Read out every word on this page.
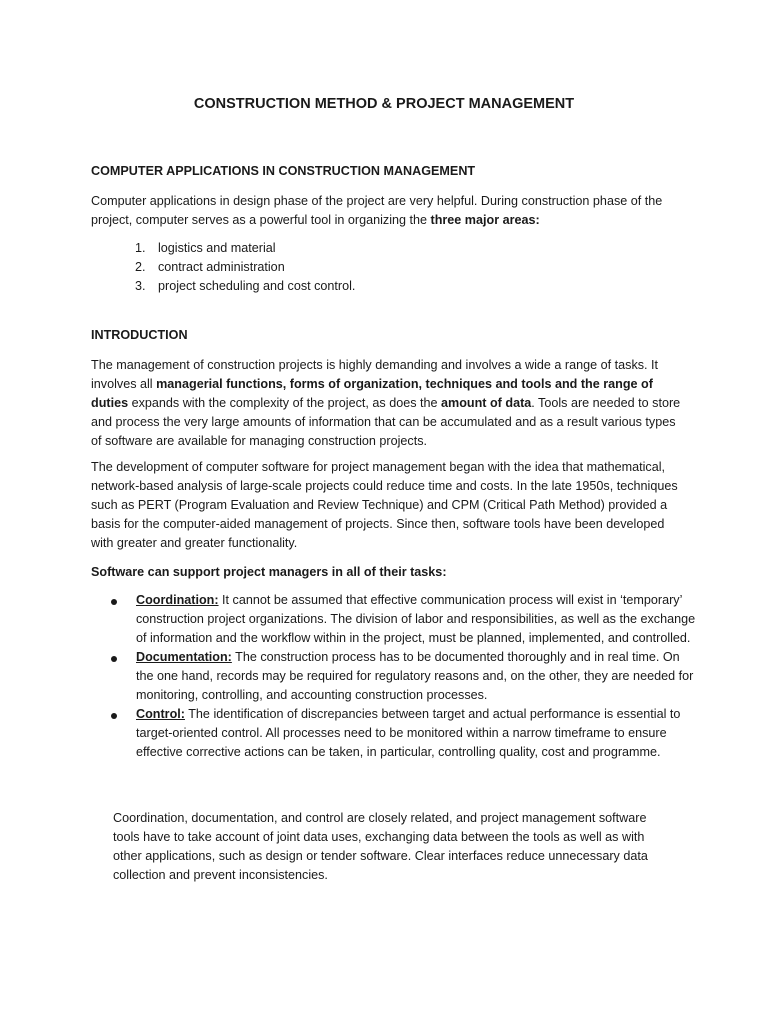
CONSTRUCTION METHOD & PROJECT MANAGEMENT
COMPUTER APPLICATIONS IN CONSTRUCTION MANAGEMENT

Computer applications in design phase of the project are very helpful. During construction phase of the project, computer serves as a powerful tool in organizing the three major areas:

1. logistics and material
2. contract administration
3. project scheduling and cost control.
INTRODUCTION

The management of construction projects is highly demanding and involves a wide a range of tasks. It involves all managerial functions, forms of organization, techniques and tools and the range of duties expands with the complexity of the project, as does the amount of data. Tools are needed to store and process the very large amounts of information that can be accumulated and as a result various types of software are available for managing construction projects.

The development of computer software for project management began with the idea that mathematical, network-based analysis of large-scale projects could reduce time and costs. In the late 1950s, techniques such as PERT (Program Evaluation and Review Technique) and CPM (Critical Path Method) provided a basis for the computer-aided management of projects. Since then, software tools have been developed with greater and greater functionality.

Software can support project managers in all of their tasks:

Coordination: It cannot be assumed that effective communication process will exist in ‘temporary’ construction project organizations. The division of labor and responsibilities, as well as the exchange of information and the workflow within in the project, must be planned, implemented, and controlled.
Documentation: The construction process has to be documented thoroughly and in real time. On the one hand, records may be required for regulatory reasons and, on the other, they are needed for monitoring, controlling, and accounting construction processes.
Control: The identification of discrepancies between target and actual performance is essential to target-oriented control. All processes need to be monitored within a narrow timeframe to ensure effective corrective actions can be taken, in particular, controlling quality, cost and programme.

Coordination, documentation, and control are closely related, and project management software tools have to take account of joint data uses, exchanging data between the tools as well as with other applications, such as design or tender software. Clear interfaces reduce unnecessary data collection and prevent inconsistencies.
